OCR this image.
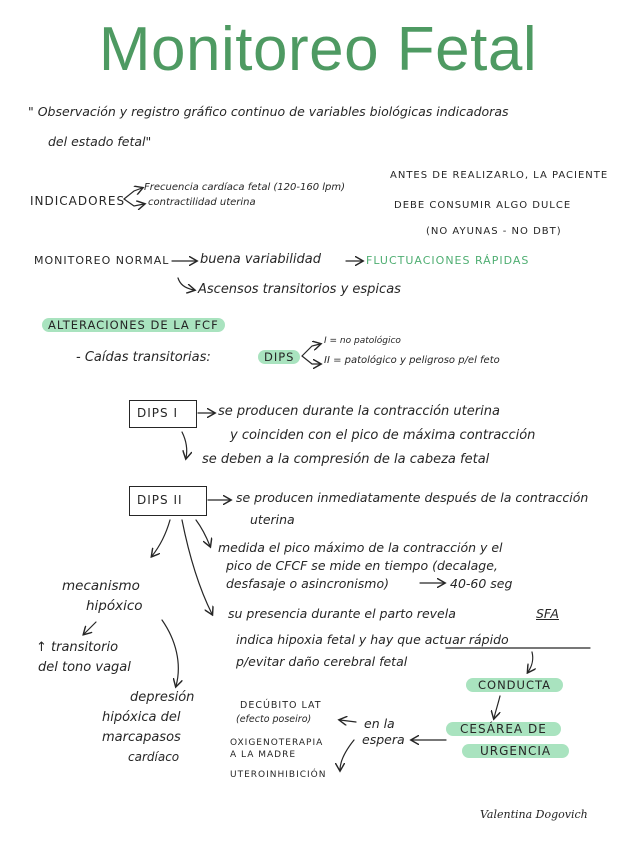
Monitoreo Fetal
" Observación y registro gráfico continuo de variables biológicas indicadoras
del estado fetal"
INDICADORES
Frecuencia cardíaca fetal (120-160 lpm)
contractilidad uterina
ANTES DE REALIZARLO, LA PACIENTE
DEBE CONSUMIR ALGO DULCE
(NO AYUNAS - NO DBT)
MONITOREO NORMAL buena variabilidad	FLUCTUACIONES RÁPIDAS
Ascensos transitorios y espicas
ALTERACIONES DE LA FCF
- Caídas transitorias:	DIPS
I = no patológico
II = patológico y peligroso p/el feto
DIPS I	se producen durante la contracción uterina
y coinciden con el pico de máxima contracción
se deben a la compresión de la cabeza fetal
DIPS II	se producen inmediatamente después de la contracción
uterina
medida el pico máximo de la contracción y el
pico de CFCF se mide en tiempo (decalage,
desfasaje o asincronismo)	40-60 seg
mecanismo
hipóxico
↑ transitorio
del tono vagal
depresión
hipóxica del
marcapasos
cardíaco
su presencia durante el parto revela	SFA
indica hipoxia fetal y hay que actuar rápido
p/evitar daño cerebral fetal
CONDUCTA
CESÁREA DE
URGENCIA
en la
espera
DECÚBITO LAT
(efecto poseiro)
OXIGENOTERAPIA
A LA MADRE
UTEROINHIBICIÓN
Valentina Dogovich
